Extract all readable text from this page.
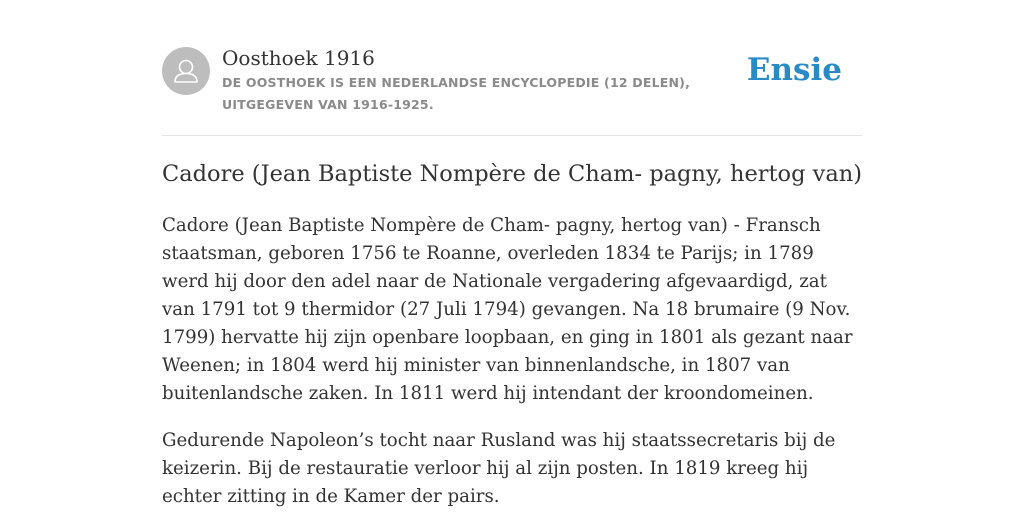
Oosthoek 1916
DE OOSTHOEK IS EEN NEDERLANDSE ENCYCLOPEDIE (12 DELEN), UITGEGEVEN VAN 1916-1925.
Ensie
Cadore (Jean Baptiste Nompère de Cham- pagny, hertog van)

Cadore (Jean Baptiste Nompère de Cham- pagny, hertog van) - Fransch staatsman, geboren 1756 te Roanne, overleden 1834 te Parijs; in 1789 werd hij door den adel naar de Nationale vergadering afgevaardigd, zat van 1791 tot 9 thermidor (27 Juli 1794) gevangen. Na 18 brumaire (9 Nov. 1799) hervatte hij zijn openbare loopbaan, en ging in 1801 als gezant naar Weenen; in 1804 werd hij minister van binnenlandsche, in 1807 van buitenlandsche zaken. In 1811 werd hij intendant der kroondomeinen.

Gedurende Napoleon’s tocht naar Rusland was hij staatssecretaris bij de keizerin. Bij de restauratie verloor hij al zijn posten. In 1819 kreeg hij echter zitting in de Kamer der pairs.
